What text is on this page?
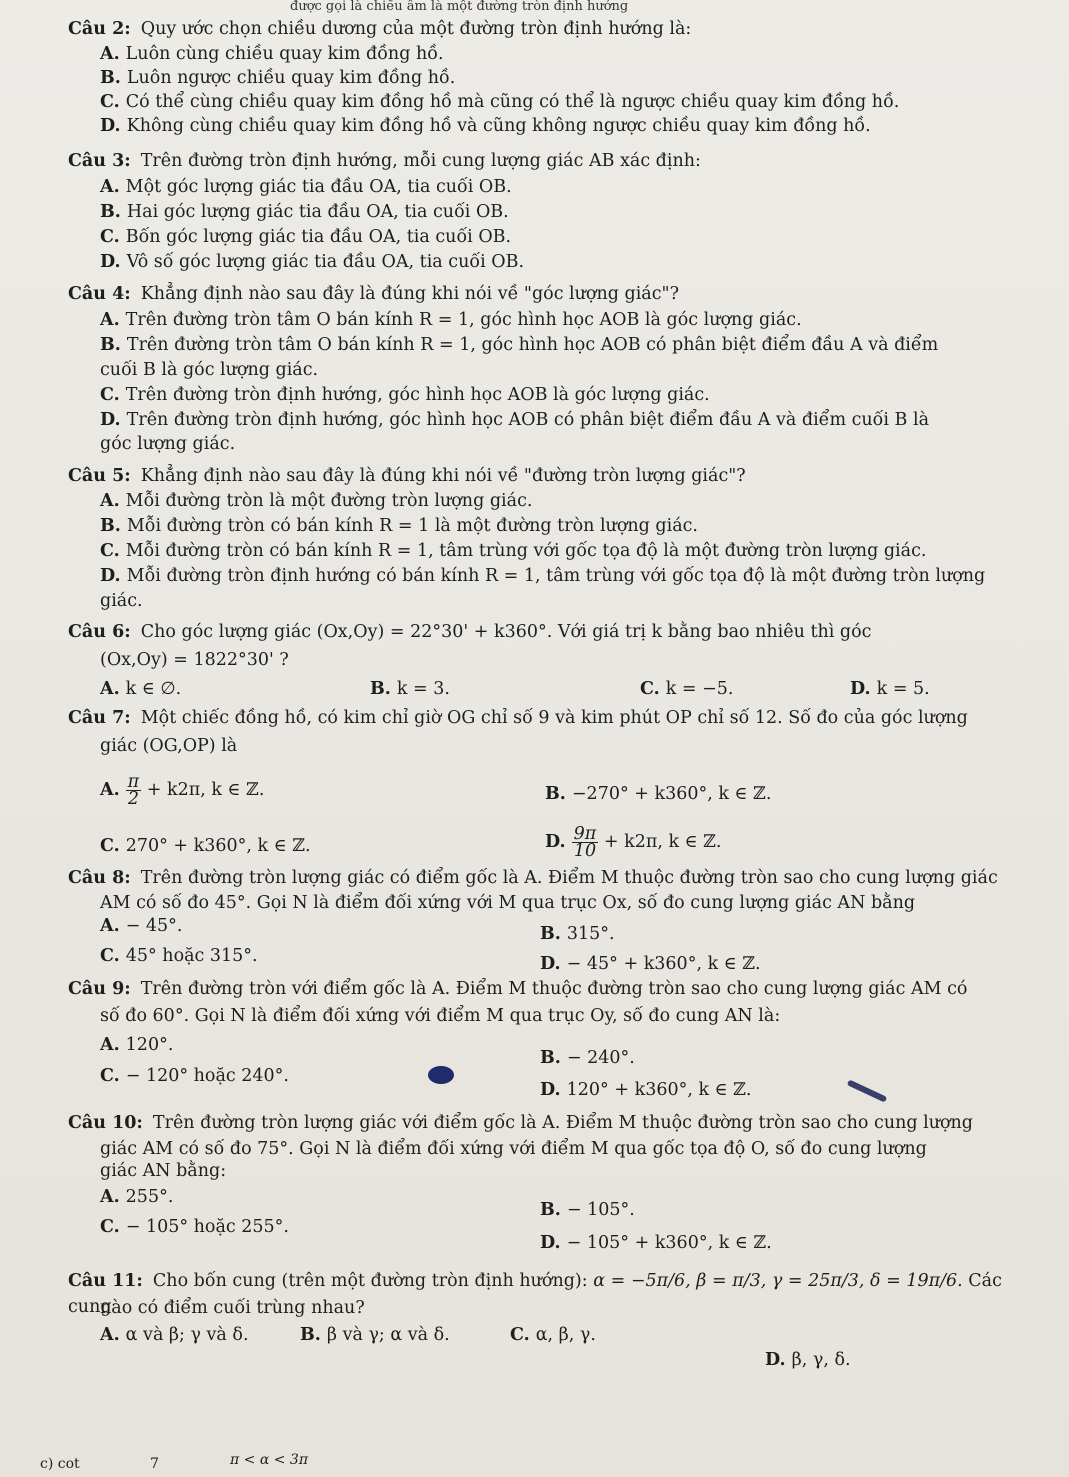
được gọi là chiều âm là một đường tròn định hướng
Câu 2: Quy ước chọn chiều dương của một đường tròn định hướng là:
A. Luôn cùng chiều quay kim đồng hồ.
B. Luôn ngược chiều quay kim đồng hồ.
C. Có thể cùng chiều quay kim đồng hồ mà cũng có thể là ngược chiều quay kim đồng hồ.
D. Không cùng chiều quay kim đồng hồ và cũng không ngược chiều quay kim đồng hồ.
Câu 3: Trên đường tròn định hướng, mỗi cung lượng giác AB xác định:
A. Một góc lượng giác tia đầu OA, tia cuối OB.
B. Hai góc lượng giác tia đầu OA, tia cuối OB.
C. Bốn góc lượng giác tia đầu OA, tia cuối OB.
D. Vô số góc lượng giác tia đầu OA, tia cuối OB.
Câu 4: Khẳng định nào sau đây là đúng khi nói về "góc lượng giác"?
A. Trên đường tròn tâm O bán kính R = 1, góc hình học AOB là góc lượng giác.
B. Trên đường tròn tâm O bán kính R = 1, góc hình học AOB có phân biệt điểm đầu A và điểm
cuối B là góc lượng giác.
C. Trên đường tròn định hướng, góc hình học AOB là góc lượng giác.
D. Trên đường tròn định hướng, góc hình học AOB có phân biệt điểm đầu A và điểm cuối B là
góc lượng giác.
Câu 5: Khẳng định nào sau đây là đúng khi nói về "đường tròn lượng giác"?
A. Mỗi đường tròn là một đường tròn lượng giác.
B. Mỗi đường tròn có bán kính R = 1 là một đường tròn lượng giác.
C. Mỗi đường tròn có bán kính R = 1, tâm trùng với gốc tọa độ là một đường tròn lượng giác.
D. Mỗi đường tròn định hướng có bán kính R = 1, tâm trùng với gốc tọa độ là một đường tròn lượng
giác.
Câu 6: Cho góc lượng giác (Ox,Oy) = 22°30' + k360°. Với giá trị k bằng bao nhiêu thì góc
(Ox,Oy) = 1822°30' ?
A. k ∈ ∅.	B. k = 3.	C. k = −5.	D. k = 5.
Câu 7: Một chiếc đồng hồ, có kim chỉ giờ OG chỉ số 9 và kim phút OP chỉ số 12. Số đo của góc lượng
giác (OG,OP) là
A. $\frac{\pi}{2} + k2\pi$, k ∈ ℤ.	B. −270° + k360°, k ∈ ℤ.
C. 270° + k360°, k ∈ ℤ.	D. $\frac{9\pi}{10} + k2\pi$, k ∈ ℤ.
Câu 8: Trên đường tròn lượng giác có điểm gốc là A. Điểm M thuộc đường tròn sao cho cung lượng giác
AM có số đo 45°. Gọi N là điểm đối xứng với M qua trục Ox, số đo cung lượng giác AN bằng
A. − 45°.	B. 315°.
C. 45° hoặc 315°.	D. − 45° + k360°, k ∈ ℤ.
Câu 9: Trên đường tròn với điểm gốc là A. Điểm M thuộc đường tròn sao cho cung lượng giác AM có
số đo 60°. Gọi N là điểm đối xứng với điểm M qua trục Oy, số đo cung AN là:
A. 120°.
B. − 240°.
C. − 120° hoặc 240°.
D. 120° + k360°, k ∈ ℤ.
Câu 10: Trên đường tròn lượng giác với điểm gốc là A. Điểm M thuộc đường tròn sao cho cung lượng
giác AM có số đo 75°. Gọi N là điểm đối xứng với điểm M qua gốc tọa độ O, số đo cung lượng
giác AN bằng:
A. 255°.
B. − 105°.
C. − 105° hoặc 255°.
D. − 105° + k360°, k ∈ ℤ.
Câu 11: Cho bốn cung (trên một đường tròn định hướng): α = −5π/6, β = π/3, γ = 25π/3, δ = 19π/6. Các cung
nào có điểm cuối trùng nhau?
A. α và β; γ và δ.	B. β và γ; α và δ.	C. α, β, γ.
D. β, γ, δ.
c) cot	7	π < α < 3π
